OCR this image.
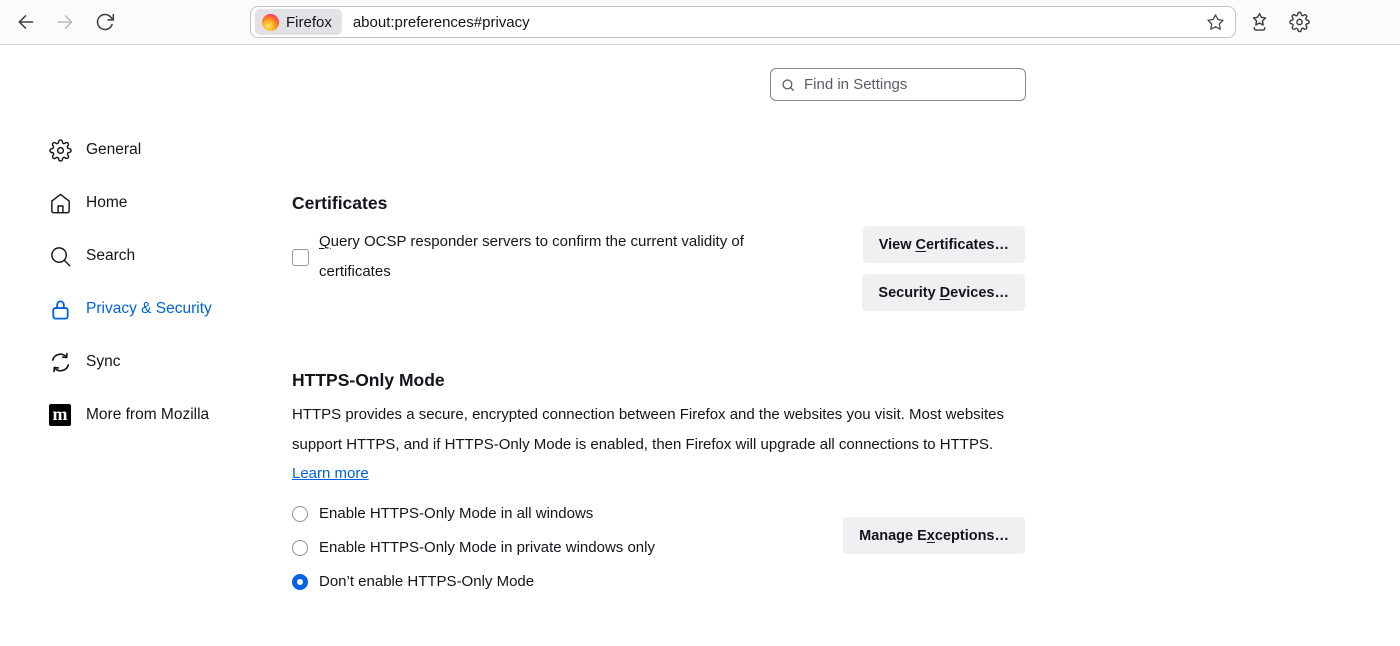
Firefox about:preferences#privacy
Find in Settings
General
Home
Search
Privacy & Security
Sync
m More from Mozilla
Certificates
Query OCSP responder servers to confirm the current validity of certificates
View Certificates…
Security Devices…
HTTPS-Only Mode

HTTPS provides a secure, encrypted connection between Firefox and the websites you visit. Most websites support HTTPS, and if HTTPS-Only Mode is enabled, then Firefox will upgrade all connections to HTTPS.

Learn more
Enable HTTPS-Only Mode in all windows
Enable HTTPS-Only Mode in private windows only
Don’t enable HTTPS-Only Mode
Manage Exceptions…
